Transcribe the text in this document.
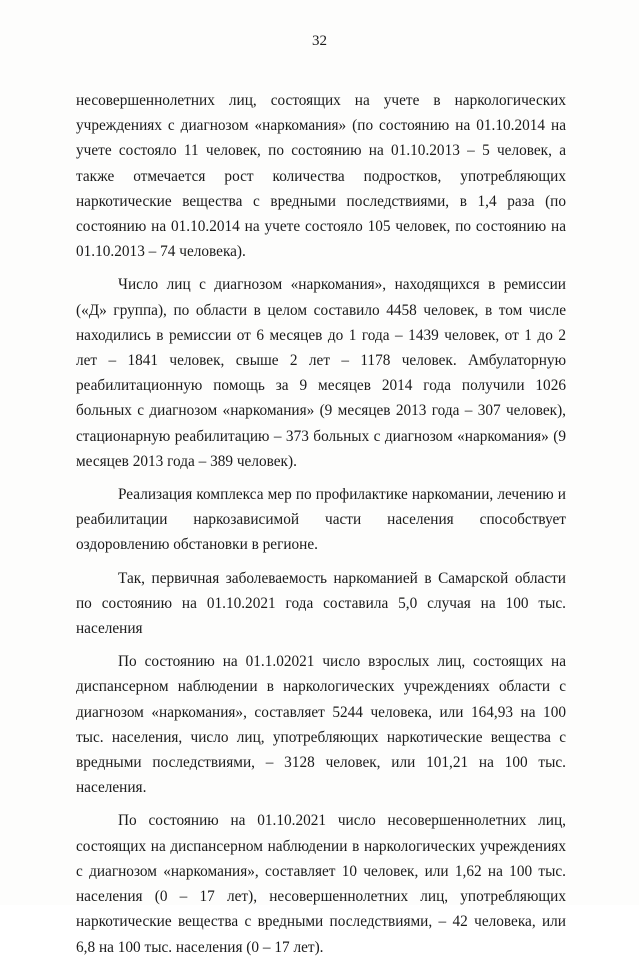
32

несовершеннолетних лиц, состоящих на учете в наркологических учреждениях с диагнозом «наркомания» (по состоянию на 01.10.2014 на учете состояло 11 человек, по состоянию на 01.10.2013 – 5 человек, а также отмечается рост количества подростков, употребляющих наркотические вещества с вредными последствиями, в 1,4 раза (по состоянию на 01.10.2014 на учете состояло 105 человек, по состоянию на 01.10.2013 – 74 человека).

Число лиц с диагнозом «наркомания», находящихся в ремиссии («Д» группа), по области в целом составило 4458 человек, в том числе находились в ремиссии от 6 месяцев до 1 года – 1439 человек, от 1 до 2 лет – 1841 человек, свыше 2 лет – 1178 человек. Амбулаторную реабилитационную помощь за 9 месяцев 2014 года получили 1026 больных с диагнозом «наркомания» (9 месяцев 2013 года – 307 человек), стационарную реабилитацию – 373 больных с диагнозом «наркомания» (9 месяцев 2013 года – 389 человек).

Реализация комплекса мер по профилактике наркомании, лечению и реабилитации наркозависимой части населения способствует оздоровлению обстановки в регионе.

Так, первичная заболеваемость наркоманией в Самарской области по состоянию на 01.10.2021 года составила 5,0 случая на 100 тыс. населения

По состоянию на 01.1.02021 число взрослых лиц, состоящих на диспансерном наблюдении в наркологических учреждениях области с диагнозом «наркомания», составляет 5244 человека, или 164,93 на 100 тыс. населения, число лиц, употребляющих наркотические вещества с вредными последствиями, – 3128 человек, или 101,21 на 100 тыс. населения.

По состоянию на 01.10.2021 число несовершеннолетних лиц, состоящих на диспансерном наблюдении в наркологических учреждениях с диагнозом «наркомания», составляет 10 человек, или 1,62 на 100 тыс. населения (0 – 17 лет), несовершеннолетних лиц, употребляющих наркотические вещества с вредными последствиями, – 42 человека, или 6,8 на 100 тыс. населения (0 – 17 лет).
